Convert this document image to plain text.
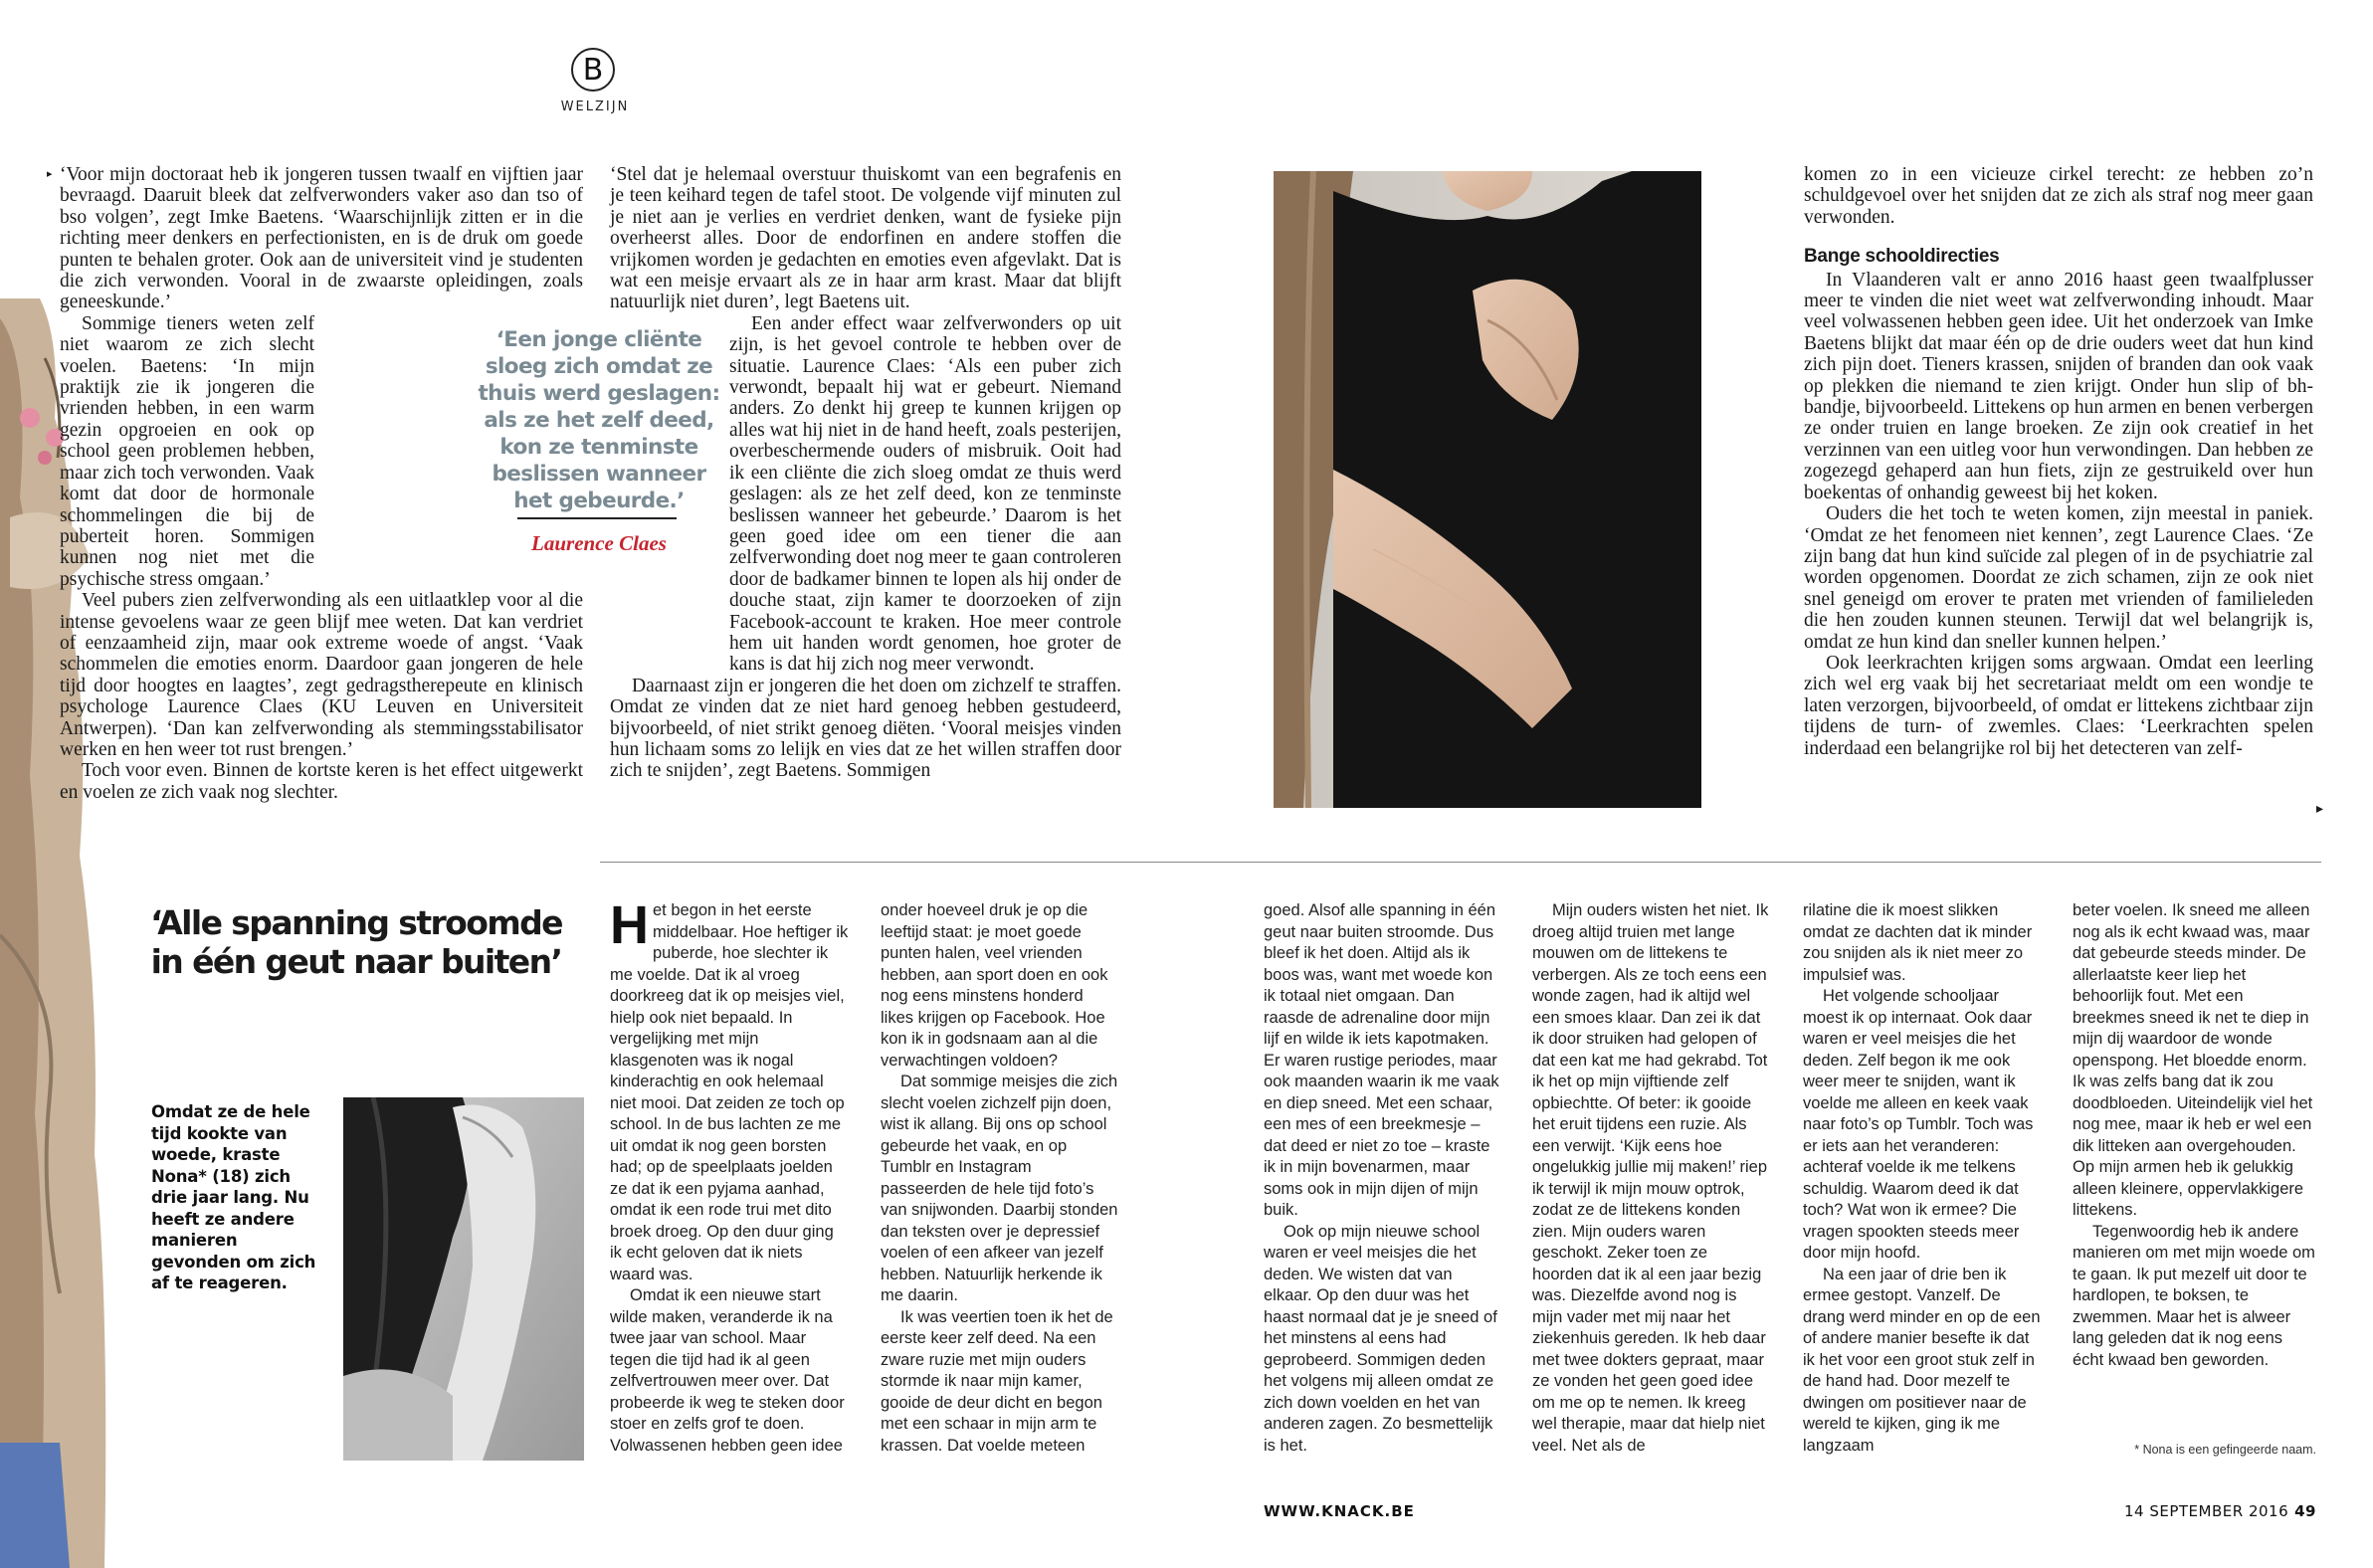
B
WELZIJN
▸ ‘Voor mijn doctoraat heb ik jongeren tussen twaalf en vijftien jaar bevraagd. Daaruit bleek dat zelfverwonders vaker aso dan tso of bso volgen’, zegt Imke Baetens. ‘Waarschijnlijk zitten er in die richting meer denkers en perfectionisten, en is de druk om goede punten te behalen groter. Ook aan de universiteit vind je studenten die zich verwonden. Vooral in de zwaarste opleidingen, zoals geneeskunde.’

Sommige tieners weten zelf niet waarom ze zich slecht voelen. Baetens: ‘In mijn praktijk zie ik jongeren die vrienden hebben, in een warm gezin opgroeien en ook op school geen problemen hebben, maar zich toch verwonden. Vaak komt dat door de hormonale schommelingen die bij de puberteit horen. Sommigen kunnen nog niet met die psychische stress omgaan.’

Veel pubers zien zelfverwonding als een uitlaatklep voor al die intense gevoelens waar ze geen blijf mee weten. Dat kan verdriet of eenzaamheid zijn, maar ook extreme woede of angst. ‘Vaak schommelen die emoties enorm. Daardoor gaan jongeren de hele tijd door hoogtes en laagtes’, zegt gedragstherepeute en klinisch psychologe Laurence Claes (KU Leuven en Universiteit Antwerpen). ‘Dan kan zelfverwonding als stemmingsstabilisator werken en hen weer tot rust brengen.’

Toch voor even. Binnen de kortste keren is het effect uitgewerkt en voelen ze zich vaak nog slechter.

‘Een jonge cliënte sloeg zich omdat ze thuis werd geslagen: als ze het zelf deed, kon ze tenminste beslissen wanneer het gebeurde.’
Laurence Claes

‘Stel dat je helemaal overstuur thuiskomt van een begrafenis en je teen keihard tegen de tafel stoot. De volgende vijf minuten zul je niet aan je verlies en verdriet denken, want de fysieke pijn overheerst alles. Door de endorfinen en andere stoffen die vrijkomen worden je gedachten en emoties even afgevlakt. Dat is wat een meisje ervaart als ze in haar arm krast. Maar dat blijft natuurlijk niet duren’, legt Baetens uit.

Een ander effect waar zelfverwonders op uit zijn, is het gevoel controle te hebben over de situatie. Laurence Claes: ‘Als een puber zich verwondt, bepaalt hij wat er gebeurt. Niemand anders. Zo denkt hij greep te kunnen krijgen op alles wat hij niet in de hand heeft, zoals pesterijen, overbeschermende ouders of misbruik. Ooit had ik een cliënte die zich sloeg omdat ze thuis werd geslagen: als ze het zelf deed, kon ze tenminste beslissen wanneer het gebeurde.’ Daarom is het geen goed idee om een tiener die aan zelfverwonding doet nog meer te gaan controleren door de badkamer binnen te lopen als hij onder de douche staat, zijn kamer te doorzoeken of zijn Facebook-account te kraken. Hoe meer controle hem uit handen wordt genomen, hoe groter de kans is dat hij zich nog meer verwondt.

Daarnaast zijn er jongeren die het doen om zichzelf te straffen. Omdat ze vinden dat ze niet hard genoeg hebben gestudeerd, bijvoorbeeld, of niet strikt genoeg diëten. ‘Vooral meisjes vinden hun lichaam soms zo lelijk en vies dat ze het willen straffen door zich te snijden’, zegt Baetens. Sommigen

komen zo in een vicieuze cirkel terecht: ze hebben zo’n schuldgevoel over het snijden dat ze zich als straf nog meer gaan verwonden.

Bange schooldirecties

In Vlaanderen valt er anno 2016 haast geen twaalfplusser meer te vinden die niet weet wat zelfverwonding inhoudt. Maar veel volwassenen hebben geen idee. Uit het onderzoek van Imke Baetens blijkt dat maar één op de drie ouders weet dat hun kind zich pijn doet. Tieners krassen, snijden of branden dan ook vaak op plekken die niemand te zien krijgt. Onder hun slip of bh-bandje, bijvoorbeeld. Littekens op hun armen en benen verbergen ze onder truien en lange broeken. Ze zijn ook creatief in het verzinnen van een uitleg voor hun verwondingen. Dan hebben ze zogezegd gehaperd aan hun fiets, zijn ze gestruikeld over hun boekentas of onhandig geweest bij het koken.

Ouders die het toch te weten komen, zijn meestal in paniek. ‘Omdat ze het fenomeen niet kennen’, zegt Laurence Claes. ‘Ze zijn bang dat hun kind suïcide zal plegen of in de psychiatrie zal worden opgenomen. Doordat ze zich schamen, zijn ze ook niet snel geneigd om erover te praten met vrienden of familieleden die hen zouden kunnen steunen. Terwijl dat wel belangrijk is, omdat ze hun kind dan sneller kunnen helpen.’

Ook leerkrachten krijgen soms argwaan. Omdat een leerling zich wel erg vaak bij het secretariaat meldt om een wondje te laten verzorgen, bijvoorbeeld, of omdat er littekens zichtbaar zijn tijdens de turn- of zwemles. Claes: ‘Leerkrachten spelen inderdaad een belangrijke rol bij het detecteren van zelf-

▸
‘Alle spanning stroomde
in één geut naar buiten’
Omdat ze de hele tijd kookte van woede, kraste Nona* (18) zich drie jaar lang. Nu heeft ze andere manieren gevonden om zich af te reageren.

Het begon in het eerste middelbaar. Hoe heftiger ik puberde, hoe slechter ik me voelde. Dat ik al vroeg doorkreeg dat ik op meisjes viel, hielp ook niet bepaald. In vergelijking met mijn klasgenoten was ik nogal kinderachtig en ook helemaal niet mooi. Dat zeiden ze toch op school. In de bus lachten ze me uit omdat ik nog geen borsten had; op de speelplaats joelden ze dat ik een pyjama aanhad, omdat ik een rode trui met dito broek droeg. Op den duur ging ik echt geloven dat ik niets waard was.

Omdat ik een nieuwe start wilde maken, veranderde ik na twee jaar van school. Maar tegen die tijd had ik al geen zelfvertrouwen meer over. Dat probeerde ik weg te steken door stoer en zelfs grof te doen. Volwassenen hebben geen idee

onder hoeveel druk je op die leeftijd staat: je moet goede punten halen, veel vrienden hebben, aan sport doen en ook nog eens minstens honderd likes krijgen op Facebook. Hoe kon ik in godsnaam aan al die verwachtingen voldoen?

Dat sommige meisjes die zich slecht voelen zichzelf pijn doen, wist ik allang. Bij ons op school gebeurde het vaak, en op Tumblr en Instagram passeerden de hele tijd foto’s van snijwonden. Daarbij stonden dan teksten over je depressief voelen of een afkeer van jezelf hebben. Natuurlijk herkende ik me daarin.

Ik was veertien toen ik het de eerste keer zelf deed. Na een zware ruzie met mijn ouders stormde ik naar mijn kamer, gooide de deur dicht en begon met een schaar in mijn arm te krassen. Dat voelde meteen

goed. Alsof alle spanning in één geut naar buiten stroomde. Dus bleef ik het doen. Altijd als ik boos was, want met woede kon ik totaal niet omgaan. Dan raasde de adrenaline door mijn lijf en wilde ik iets kapotmaken. Er waren rustige periodes, maar ook maanden waarin ik me vaak en diep sneed. Met een schaar, een mes of een breekmesje – dat deed er niet zo toe – kraste ik in mijn bovenarmen, maar soms ook in mijn dijen of mijn buik.

Ook op mijn nieuwe school waren er veel meisjes die het deden. We wisten dat van elkaar. Op den duur was het haast normaal dat je je sneed of het minstens al eens had geprobeerd. Sommigen deden het volgens mij alleen omdat ze zich down voelden en het van anderen zagen. Zo besmettelijk is het.

Mijn ouders wisten het niet. Ik droeg altijd truien met lange mouwen om de littekens te verbergen. Als ze toch eens een wonde zagen, had ik altijd wel een smoes klaar. Dan zei ik dat ik door struiken had gelopen of dat een kat me had gekrabd. Tot ik het op mijn vijftiende zelf opbiechtte. Of beter: ik gooide het eruit tijdens een ruzie. Als een verwijt. ‘Kijk eens hoe ongelukkig jullie mij maken!’ riep ik terwijl ik mijn mouw optrok, zodat ze de littekens konden zien. Mijn ouders waren geschokt. Zeker toen ze hoorden dat ik al een jaar bezig was. Diezelfde avond nog is mijn vader met mij naar het ziekenhuis gereden. Ik heb daar met twee dokters gepraat, maar ze vonden het geen goed idee om me op te nemen. Ik kreeg wel therapie, maar dat hielp niet veel. Net als de

rilatine die ik moest slikken omdat ze dachten dat ik minder zou snijden als ik niet meer zo impulsief was.

Het volgende schooljaar moest ik op internaat. Ook daar waren er veel meisjes die het deden. Zelf begon ik me ook weer meer te snijden, want ik voelde me alleen en keek vaak naar foto’s op Tumblr. Toch was er iets aan het veranderen: achteraf voelde ik me telkens schuldig. Waarom deed ik dat toch? Wat won ik ermee? Die vragen spookten steeds meer door mijn hoofd.

Na een jaar of drie ben ik ermee gestopt. Vanzelf. De drang werd minder en op de een of andere manier besefte ik dat ik het voor een groot stuk zelf in de hand had. Door mezelf te dwingen om positiever naar de wereld te kijken, ging ik me langzaam

beter voelen. Ik sneed me alleen nog als ik echt kwaad was, maar dat gebeurde steeds minder. De allerlaatste keer liep het behoorlijk fout. Met een breekmes sneed ik net te diep in mijn dij waardoor de wonde openspong. Het bloedde enorm. Ik was zelfs bang dat ik zou doodbloeden. Uiteindelijk viel het nog mee, maar ik heb er wel een dik litteken aan overgehouden. Op mijn armen heb ik gelukkig alleen kleinere, oppervlakkigere littekens.

Tegenwoordig heb ik andere manieren om met mijn woede om te gaan. Ik put mezelf uit door te hardlopen, te boksen, te zwemmen. Maar het is alweer lang geleden dat ik nog eens écht kwaad ben geworden.

* Nona is een gefingeerde naam.
WWW.KNACK.BE	14 SEPTEMBER 2016 49
